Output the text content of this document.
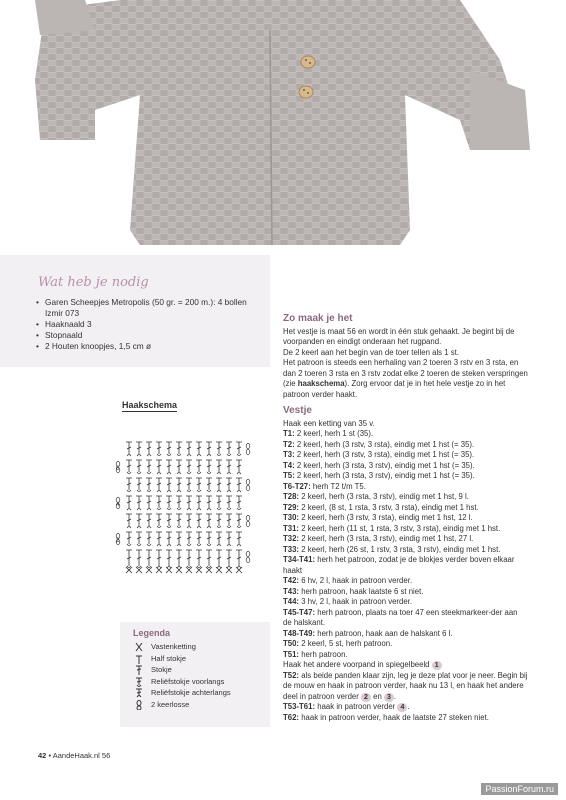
Wat heb je nodig
• Garen Scheepjes Metropolis (50 gr. = 200 m.): 4 bollen Izmir 073
• Haaknaald 3
• Stopnaald
• 2 Houten knoopjes, 1,5 cm ø
Zo maak je het

Het vestje is maat 56 en wordt in één stuk gehaakt. Je begint bij de voorpanden en eindigt onderaan het rugpand.

De 2 keerl aan het begin van de toer tellen als 1 st.

Het patroon is steeds een herhaling van 2 toeren 3 rstv en 3 rsta, en dan 2 toeren 3 rsta en 3 rstv zodat elke 2 toeren de steken verspringen (zie haakschema). Zorg ervoor dat je in het hele vestje zo in het patroon verder haakt.

Vestje

Haak een ketting van 35 v.

T1: 2 keerl, herh 1 st (35).

T2: 2 keerl, herh (3 rstv, 3 rsta), eindig met 1 hst (= 35).

T3: 2 keerl, herh (3 rstv, 3 rsta), eindig met 1 hst (= 35).

T4: 2 keerl, herh (3 rsta, 3 rstv), eindig met 1 hst (= 35).

T5: 2 keerl, herh (3 rsta, 3 rstv), eindig met 1 hst (= 35).

T6-T27: herh T2 t/m T5.

T28: 2 keerl, herh (3 rsta, 3 rstv), eindig met 1 hst, 9 l.

T29: 2 keerl, (8 st, 1 rsta, 3 rstv, 3 rsta), eindig met 1 hst.

T30: 2 keerl, herh (3 rstv, 3 rsta), eindig met 1 hst, 12 l.

T31: 2 keerl, herh (11 st, 1 rsta, 3 rstv, 3 rsta), eindig met 1 hst.

T32: 2 keerl, herh (3 rsta, 3 rstv), eindig met 1 hst, 27 l.

T33: 2 keerl, herh (26 st, 1 rstv, 3 rsta, 3 rstv), eindig met 1 hst.

T34-T41: herh het patroon, zodat je de blokjes verder boven elkaar haakt

T42: 6 hv, 2 l, haak in patroon verder.

T43: herh patroon, haak laatste 6 st niet.

T44: 3 hv, 2 l, haak in patroon verder.

T45-T47: herh patroon, plaats na toer 47 een steekmarkeer-der aan de halskant.

T48-T49: herh patroon, haak aan de halskant 6 l.

T50: 2 keerl, 5 st, herh patroon.

T51: herh patroon.

Haak het andere voorpand in spiegelbeeld 1

T52: als beide panden klaar zijn, leg je deze plat voor je neer. Begin bij de mouw en haak in patroon verder, haak nu 13 l, en haak het andere deel in patroon verder 2 en 3 .

T53-T61: haak in patroon verder 4 .

T62: haak in patroon verder, haak de laatste 27 steken niet.

Haakschema
6
4
2
Legenda
Vastenketting
Half stokje
Stokje
Reliëfstokje voorlangs
Reliëfstokje achterlangs
2 keerlosse
42 • AandeHaak.nl 56
PassionForum.ru
